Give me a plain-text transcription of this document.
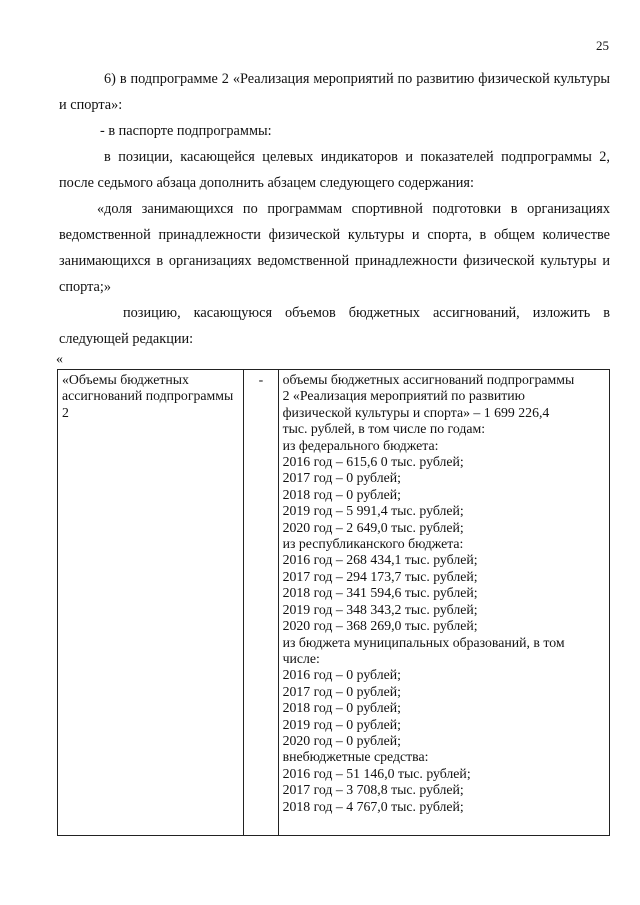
25

6) в подпрограмме 2 «Реализация мероприятий по развитию физической культуры и спорта»:

- в паспорте подпрограммы:

в позиции, касающейся целевых индикаторов и показателей подпрограммы 2, после седьмого абзаца дополнить абзацем следующего содержания:

«доля занимающихся по программам спортивной подготовки в организациях ведомственной принадлежности физической культуры и спорта, в общем количестве занимающихся в организациях ведомственной принадлежности физической культуры и спорта;»

позицию, касающуюся объемов бюджетных ассигнований, изложить в следующей редакции:

«
«Объемы бюджетных ассигнований подпрограммы 2	-	объемы бюджетных ассигнований подпрограммы
2 «Реализация мероприятий по развитию
физической культуры и спорта» – 1 699 226,4
тыс. рублей, в том числе по годам:
из федерального бюджета:
2016 год – 615,6 0 тыс. рублей;
2017 год – 0 рублей;
2018 год – 0 рублей;
2019 год – 5 991,4 тыс. рублей;
2020 год – 2 649,0 тыс. рублей;
из республиканского бюджета:
2016 год – 268 434,1 тыс. рублей;
2017 год – 294 173,7 тыс. рублей;
2018 год – 341 594,6 тыс. рублей;
2019 год – 348 343,2 тыс. рублей;
2020 год – 368 269,0 тыс. рублей;
из бюджета муниципальных образований, в том
числе:
2016 год – 0 рублей;
2017 год – 0 рублей;
2018 год – 0 рублей;
2019 год – 0 рублей;
2020 год – 0 рублей;
внебюджетные средства:
2016 год – 51 146,0 тыс. рублей;
2017 год – 3 708,8 тыс. рублей;
2018 год – 4 767,0 тыс. рублей;
